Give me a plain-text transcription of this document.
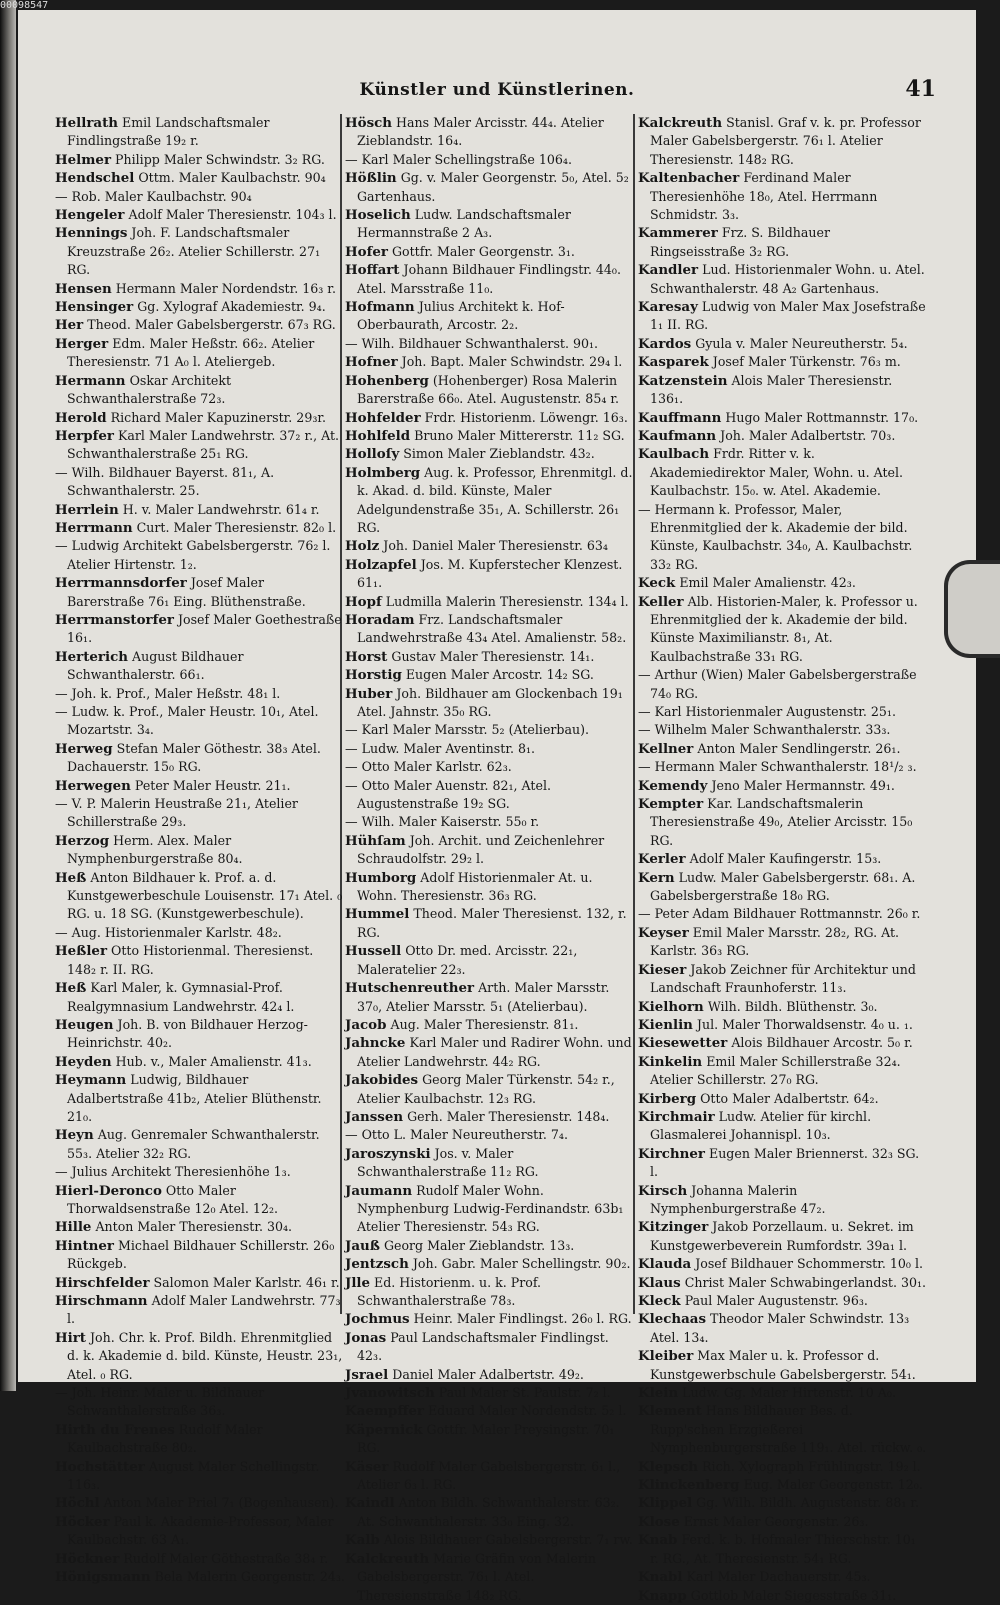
00098547
Künstler und Künstlerinen.	41

Hellrath Emil Landschaftsmaler Findlingstraße 19₂ r.

Helmer Philipp Maler Schwindstr. 3₂ RG.

Hendschel Ottm. Maler Kaulbachstr. 90₄

— Rob. Maler Kaulbachstr. 90₄

Hengeler Adolf Maler Theresienstr. 104₃ l.

Hennings Joh. F. Landschaftsmaler Kreuzstraße 26₂. Atelier Schillerstr. 27₁ RG.

Hensen Hermann Maler Nordendstr. 16₃ r.

Hensinger Gg. Xylograf Akademiestr. 9₄.

Her Theod. Maler Gabelsbergerstr. 67₃ RG.

Herger Edm. Maler Heßstr. 66₂. Atelier Theresienstr. 71 A₀ l. Ateliergeb.

Hermann Oskar Architekt Schwanthalerstraße 72₃.

Herold Richard Maler Kapuzinerstr. 29₃r.

Herpfer Karl Maler Landwehrstr. 37₂ r., At. Schwanthalerstraße 25₁ RG.

— Wilh. Bildhauer Bayerst. 81₁, A. Schwanthalerstr. 25.

Herrlein H. v. Maler Landwehrstr. 61₄ r.

Herrmann Curt. Maler Theresienstr. 82₀ l.

— Ludwig Architekt Gabelsbergerstr. 76₂ l. Atelier Hirtenstr. 1₂.

Herrmannsdorfer Josef Maler Barerstraße 76₁ Eing. Blüthenstraße.

Herrmanstorfer Josef Maler Goethestraße 16₁.

Herterich August Bildhauer Schwanthalerstr. 66₁.

— Joh. k. Prof., Maler Heßstr. 48₁ l.

— Ludw. k. Prof., Maler Heustr. 10₁, Atel. Mozartstr. 3₄.

Herweg Stefan Maler Göthestr. 38₃ Atel. Dachauerstr. 15₀ RG.

Herwegen Peter Maler Heustr. 21₁.

— V. P. Malerin Heustraße 21₁, Atelier Schillerstraße 29₃.

Herzog Herm. Alex. Maler Nymphenburgerstraße 80₄.

Heß Anton Bildhauer k. Prof. a. d. Kunstgewerbeschule Louisenstr. 17₁ Atel. ₀ RG. u. 18 SG. (Kunstgewerbeschule).

— Aug. Historienmaler Karlstr. 48₂.

Heßler Otto Historienmal. Theresienst. 148₂ r. II. RG.

Heß Karl Maler, k. Gymnasial-Prof. Realgymnasium Landwehrstr. 42₄ l.

Heugen Joh. B. von Bildhauer Herzog-Heinrichstr. 40₂.

Heyden Hub. v., Maler Amalienstr. 41₃.

Heymann Ludwig, Bildhauer Adalbertstraße 41b₂, Atelier Blüthenstr. 21₀.

Heyn Aug. Genremaler Schwanthalerstr. 55₃. Atelier 32₂ RG.

— Julius Architekt Theresienhöhe 1₃.

Hierl-Deronco Otto Maler Thorwaldsenstraße 12₀ Atel. 12₂.

Hille Anton Maler Theresienstr. 30₄.

Hintner Michael Bildhauer Schillerstr. 26₀ Rückgeb.

Hirschfelder Salomon Maler Karlstr. 46₁ r.

Hirschmann Adolf Maler Landwehrstr. 77₃ l.

Hirt Joh. Chr. k. Prof. Bildh. Ehrenmitglied d. k. Akademie d. bild. Künste, Heustr. 23₁, Atel. ₀ RG.

— Joh. Heinr. Maler u. Bildhauer Schwanthalerstraße 36₃.

Hirth du Frenes Rudolf Maler Kaulbachstraße 80₂.

Hochstätter August Maler Schellingstr. 116₃.

Höchl Anton Maler Priel 7₁ (Bogenhausen).

Höcker Paul k. Akademie-Professor, Maler Kaulbachstr. 63 A₁.

Höckner Rudolf Maler Göthestraße 38₄ r.

Hönigsmann Bela Malerin Georgenstr. 24₃.

Hösch Hans Maler Arcisstr. 44₄. Atelier Zieblandstr. 16₄.

— Karl Maler Schellingstraße 106₄.

Hößlin Gg. v. Maler Georgenstr. 5₀, Atel. 5₂ Gartenhaus.

Hoselich Ludw. Landschaftsmaler Hermannstraße 2 A₃.

Hofer Gottfr. Maler Georgenstr. 3₁.

Hoffart Johann Bildhauer Findlingstr. 44₀. Atel. Marsstraße 11₀.

Hofmann Julius Architekt k. Hof-Oberbaurath, Arcostr. 2₂.

— Wilh. Bildhauer Schwanthalerst. 90₁.

Hofner Joh. Bapt. Maler Schwindstr. 29₄ l.

Hohenberg (Hohenberger) Rosa Malerin Barerstraße 66₀. Atel. Augustenstr. 85₄ r.

Hohfelder Frdr. Historienm. Löwengr. 16₃.

Hohlfeld Bruno Maler Mittererstr. 11₂ SG.

Holloſy Simon Maler Zieblandstr. 43₂.

Holmberg Aug. k. Professor, Ehrenmitgl. d. k. Akad. d. bild. Künste, Maler Adelgundenstraße 35₁, A. Schillerstr. 26₁ RG.

Holz Joh. Daniel Maler Theresienstr. 63₄

Holzapfel Jos. M. Kupferstecher Klenzest. 61₁.

Hopf Ludmilla Malerin Theresienstr. 134₄ l.

Horadam Frz. Landschaftsmaler Landwehrstraße 43₄ Atel. Amalienstr. 58₂.

Horst Gustav Maler Theresienstr. 14₁.

Horstig Eugen Maler Arcostr. 14₂ SG.

Huber Joh. Bildhauer am Glockenbach 19₁ Atel. Jahnstr. 35₀ RG.

— Karl Maler Marsstr. 5₂ (Atelierbau).

— Ludw. Maler Aventinstr. 8₁.

— Otto Maler Karlstr. 62₃.

— Otto Maler Auenstr. 82₁, Atel. Augustenstraße 19₂ SG.

— Wilh. Maler Kaiserstr. 55₀ r.

Hühſam Joh. Archit. und Zeichenlehrer Schraudolfstr. 29₂ l.

Humborg Adolf Historienmaler At. u. Wohn. Theresienstr. 36₃ RG.

Hummel Theod. Maler Theresienst. 132, r. RG.

Hussell Otto Dr. med. Arcisstr. 22₁, Maleratelier 22₃.

Hutschenreuther Arth. Maler Marsstr. 37₀, Atelier Marsstr. 5₁ (Atelierbau).

Jacob Aug. Maler Theresienstr. 81₁.

Jahncke Karl Maler und Radirer Wohn. und Atelier Landwehrstr. 44₂ RG.

Jakobides Georg Maler Türkenstr. 54₂ r., Atelier Kaulbachstr. 12₃ RG.

Janssen Gerh. Maler Theresienstr. 148₄.

— Otto L. Maler Neureutherstr. 7₄.

Jaroszynski Jos. v. Maler Schwanthalerstraße 11₂ RG.

Jaumann Rudolf Maler Wohn. Nymphenburg Ludwig-Ferdinandstr. 63b₁ Atelier Theresienstr. 54₃ RG.

Jauß Georg Maler Zieblandstr. 13₃.

Jentzsch Joh. Gabr. Maler Schellingstr. 90₂.

Jlle Ed. Historienm. u. k. Prof. Schwanthalerstraße 78₃.

Jochmus Heinr. Maler Findlingst. 26₀ l. RG.

Jonas Paul Landschaftsmaler Findlingst. 42₃.

Jsrael Daniel Maler Adalbertstr. 49₂.

Jvanowitsch Paul Maler St. Paulstr. 7₂ l.

Kaempffer Eduard Maler Nordendstr. 5₂ l.

Käpernick Gottfr. Maler Preysingstr. 70₁ RG.

Käser Rudolf Maler Gabelsbergerstr. 6₁ l., Atelier 6₃ l. RG.

Kaindl Anton Bildh. Schwanthalerstr. 63₂. At. Schwanthalerstr. 33₀ Eing. 32.

Kalb Alois Bildhauer Gabelsbergerstr. 7₁ rw.

Kalckreuth Marie Gräfin von Malerin Gabelsbergerstr. 76₁ l. Atel. Theresienstraße 148₂ RG.

Kalckreuth Stanisl. Graf v. k. pr. Professor Maler Gabelsbergerstr. 76₁ l. Atelier Theresienstr. 148₂ RG.

Kaltenbacher Ferdinand Maler Theresienhöhe 18₀, Atel. Herrmann Schmidstr. 3₃.

Kammerer Frz. S. Bildhauer Ringseisstraße 3₂ RG.

Kandler Lud. Historienmaler Wohn. u. Atel. Schwanthalerstr. 48 A₂ Gartenhaus.

Karesay Ludwig von Maler Max Josefstraße 1₁ II. RG.

Kardos Gyula v. Maler Neureutherstr. 5₄.

Kasparek Josef Maler Türkenstr. 76₃ m.

Katzenstein Alois Maler Theresienstr. 136₁.

Kauffmann Hugo Maler Rottmannstr. 17₀.

Kaufmann Joh. Maler Adalbertstr. 70₃.

Kaulbach Frdr. Ritter v. k. Akademiedirektor Maler, Wohn. u. Atel. Kaulbachstr. 15₀. w. Atel. Akademie.

— Hermann k. Professor, Maler, Ehrenmitglied der k. Akademie der bild. Künste, Kaulbachstr. 34₀, A. Kaulbachstr. 33₂ RG.

Keck Emil Maler Amalienstr. 42₃.

Keller Alb. Historien-Maler, k. Professor u. Ehrenmitglied der k. Akademie der bild. Künste Maximilianstr. 8₁, At. Kaulbachstraße 33₁ RG.

— Arthur (Wien) Maler Gabelsbergerstraße 74₀ RG.

— Karl Historienmaler Augustenstr. 25₁.

— Wilhelm Maler Schwanthalerstr. 33₃.

Kellner Anton Maler Sendlingerstr. 26₁.

— Hermann Maler Schwanthalerstr. 18¹/₂ ₃.

Kemendy Jeno Maler Hermannstr. 49₁.

Kempter Kar. Landschaftsmalerin Theresienstraße 49₀, Atelier Arcisstr. 15₀ RG.

Kerler Adolf Maler Kaufingerstr. 15₃.

Kern Ludw. Maler Gabelsbergerstr. 68₁. A. Gabelsbergerstraße 18₀ RG.

— Peter Adam Bildhauer Rottmannstr. 26₀ r.

Keyser Emil Maler Marsstr. 28₂, RG. At. Karlstr. 36₃ RG.

Kieser Jakob Zeichner für Architektur und Landschaft Fraunhoferstr. 11₃.

Kielhorn Wilh. Bildh. Blüthenstr. 3₀.

Kienlin Jul. Maler Thorwaldsenstr. 4₀ u. ₁.

Kiesewetter Alois Bildhauer Arcostr. 5₀ r.

Kinkelin Emil Maler Schillerstraße 32₄. Atelier Schillerstr. 27₀ RG.

Kirberg Otto Maler Adalbertstr. 64₂.

Kirchmair Ludw. Atelier für kirchl. Glasmalerei Johannispl. 10₃.

Kirchner Eugen Maler Briennerst. 32₃ SG. l.

Kirsch Johanna Malerin Nymphenburgerstraße 47₂.

Kitzinger Jakob Porzellaum. u. Sekret. im Kunstgewerbeverein Rumfordstr. 39a₁ l.

Klauda Josef Bildhauer Schommerstr. 10₀ l.

Klaus Christ Maler Schwabingerlandst. 30₁.

Kleck Paul Maler Augustenstr. 96₃.

Klechaas Theodor Maler Schwindstr. 13₃ Atel. 13₄.

Kleiber Max Maler u. k. Professor d. Kunstgewerbschule Gabelsbergerstr. 54₁.

Klein Ludw. Gg. Maler Hirtenstr. 10 A₀.

Klement Hans Bildhauer Bes. d. Rupp'schen Erzgießerei Nymphenburgerstraße 119₁. Atel. rückw. ₀.

Klepsch Rich. Xylograph Frühlingstr. 19₂ l.

Klinckenberg Eug. Maler Georgenstr. 12₀.

Klippel Gg. Wilh. Bildh. Augustenstr. 88₁ r.

Klose Ernst Maler Georgenstr. 26₃.

Knab Ferd. k. b. Hofmaler Thierschstr. 10₁ r. RG., At. Theresienstr. 54₁ RG.

Knabl Karl Maler Dachauerstr. 45₃.

Knapp Gottlob Maler Siegesstraße 31₁.
